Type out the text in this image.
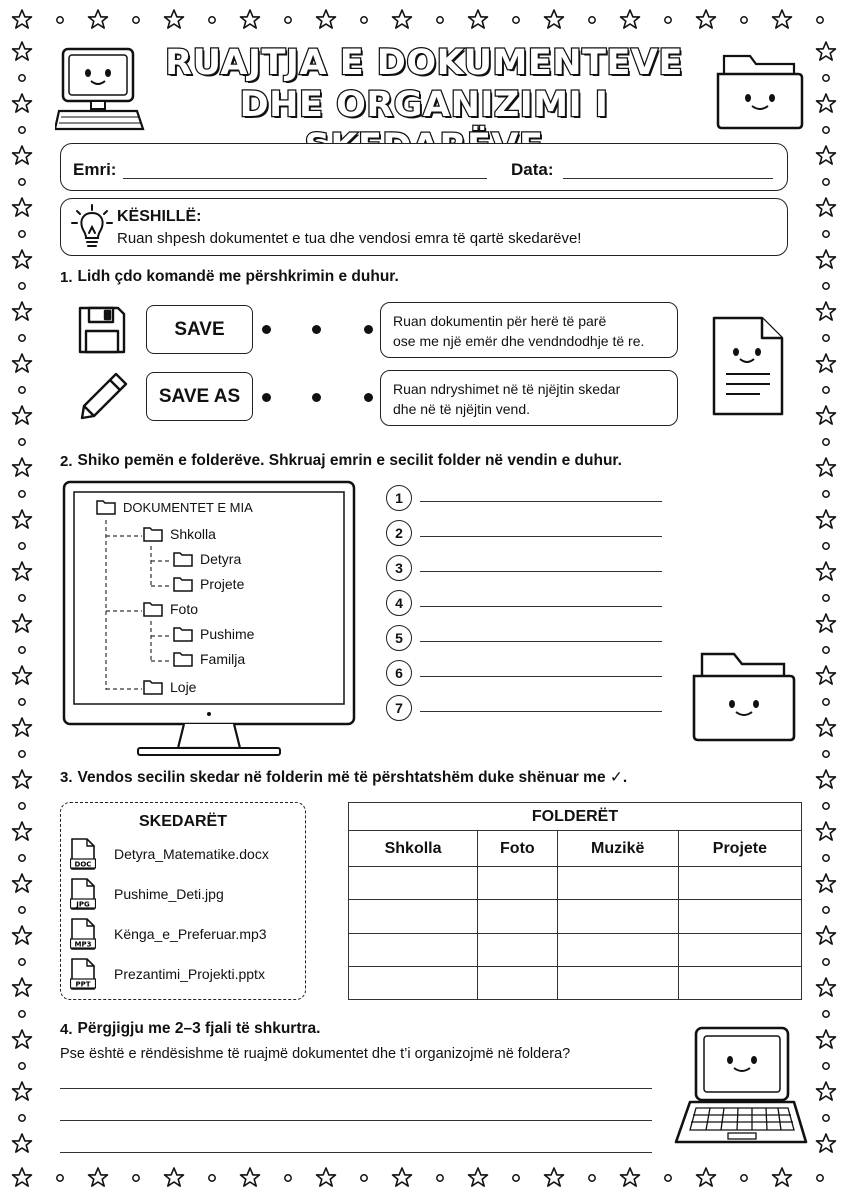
RUAJTJA E DOKUMENTEVE
DHE ORGANIZIMI I
Emri:	Data:
KËSHILLË:
Ruan shpesh dokumentet e tua dhe vendosi emra të qartë skedarëve!
1. Lidh çdo komandë me përshkrimin e duhur.
SAVE	Ruan dokumentin për herë të parë
ose me një emër dhe vendndodhje të re.
SAVE AS	Ruan ndryshimet në të njëjtin skedar
dhe në të njëjtin vend.
2. Shiko pemën e folderëve. Shkruaj emrin e secilit folder në vendin e duhur.
DOKUMENTET E MIA
Shkolla
Detyra
Projete
Foto
Pushime
Familja
Loje
1
2
3
4
5
6
7
3. Vendos secilin skedar në folderin më të përshtatshëm duke shënuar me ✓.
SKEDARËT
DOC
Detyra_Matematike.docx
JPG
Pushime_Deti.jpg
MP3
Kënga_e_Preferuar.mp3
PPT
Prezantimi_Projekti.pptx
FOLDERËT			
Shkolla	Foto	Muzikë	Projete

4. Përgjigju me 2–3 fjali të shkurtra.
Pse është e rëndësishme të ruajmë dokumentet dhe t’i organizojmë në foldera?
